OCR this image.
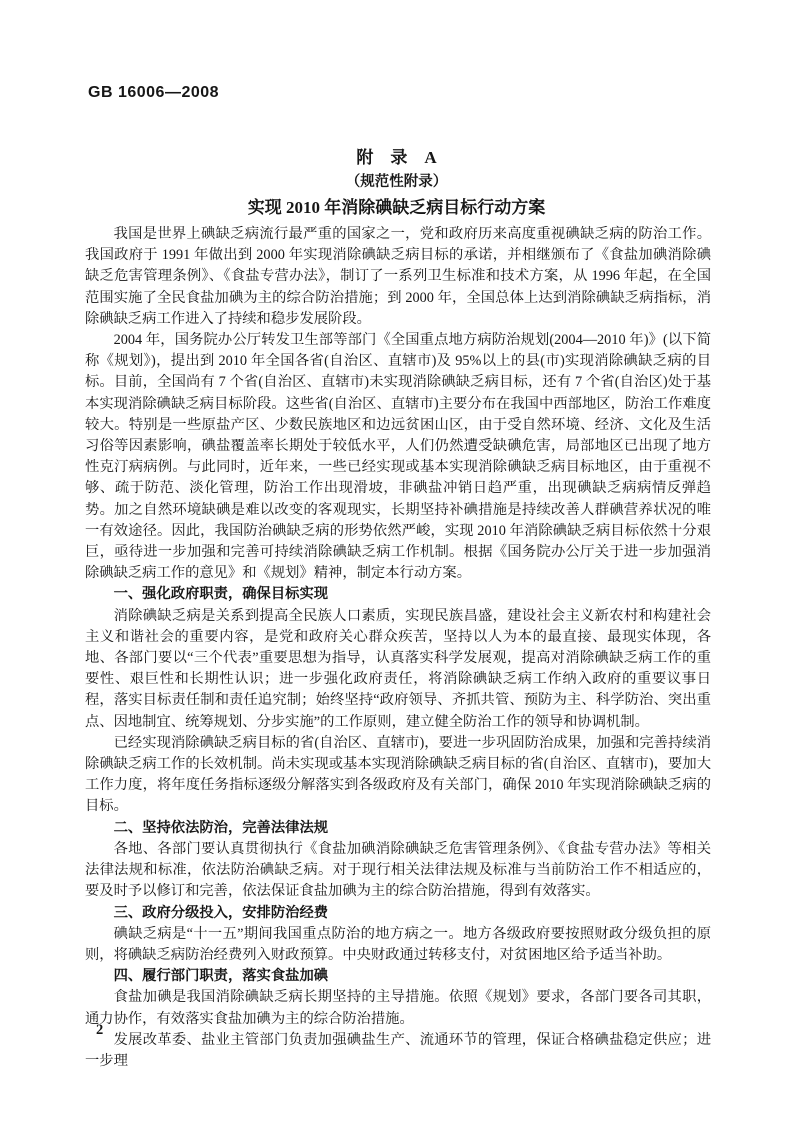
GB 16006—2008
附　录　A
（规范性附录）
实现 2010 年消除碘缺乏病目标行动方案

我国是世界上碘缺乏病流行最严重的国家之一，党和政府历来高度重视碘缺乏病的防治工作。我国政府于 1991 年做出到 2000 年实现消除碘缺乏病目标的承诺，并相继颁布了《食盐加碘消除碘缺乏危害管理条例》、《食盐专营办法》，制订了一系列卫生标准和技术方案，从 1996 年起，在全国范围实施了全民食盐加碘为主的综合防治措施；到 2000 年，全国总体上达到消除碘缺乏病指标，消除碘缺乏病工作进入了持续和稳步发展阶段。

2004 年，国务院办公厅转发卫生部等部门《全国重点地方病防治规划(2004—2010 年)》(以下简称《规划》)，提出到 2010 年全国各省(自治区、直辖市)及 95%以上的县(市)实现消除碘缺乏病的目标。目前，全国尚有 7 个省(自治区、直辖市)未实现消除碘缺乏病目标，还有 7 个省(自治区)处于基本实现消除碘缺乏病目标阶段。这些省(自治区、直辖市)主要分布在我国中西部地区，防治工作难度较大。特别是一些原盐产区、少数民族地区和边远贫困山区，由于受自然环境、经济、文化及生活习俗等因素影响，碘盐覆盖率长期处于较低水平，人们仍然遭受缺碘危害，局部地区已出现了地方性克汀病病例。与此同时，近年来，一些已经实现或基本实现消除碘缺乏病目标地区，由于重视不够、疏于防范、淡化管理，防治工作出现滑坡，非碘盐冲销日趋严重，出现碘缺乏病病情反弹趋势。加之自然环境缺碘是难以改变的客观现实，长期坚持补碘措施是持续改善人群碘营养状况的唯一有效途径。因此，我国防治碘缺乏病的形势依然严峻，实现 2010 年消除碘缺乏病目标依然十分艰巨，亟待进一步加强和完善可持续消除碘缺乏病工作机制。根据《国务院办公厅关于进一步加强消除碘缺乏病工作的意见》和《规划》精神，制定本行动方案。

一、强化政府职责，确保目标实现

消除碘缺乏病是关系到提高全民族人口素质，实现民族昌盛，建设社会主义新农村和构建社会主义和谐社会的重要内容，是党和政府关心群众疾苦，坚持以人为本的最直接、最现实体现，各地、各部门要以“三个代表”重要思想为指导，认真落实科学发展观，提高对消除碘缺乏病工作的重要性、艰巨性和长期性认识；进一步强化政府责任，将消除碘缺乏病工作纳入政府的重要议事日程，落实目标责任制和责任追究制；始终坚持“政府领导、齐抓共管、预防为主、科学防治、突出重点、因地制宜、统筹规划、分步实施”的工作原则，建立健全防治工作的领导和协调机制。

已经实现消除碘缺乏病目标的省(自治区、直辖市)，要进一步巩固防治成果，加强和完善持续消除碘缺乏病工作的长效机制。尚未实现或基本实现消除碘缺乏病目标的省(自治区、直辖市)，要加大工作力度，将年度任务指标逐级分解落实到各级政府及有关部门，确保 2010 年实现消除碘缺乏病的目标。

二、坚持依法防治，完善法律法规

各地、各部门要认真贯彻执行《食盐加碘消除碘缺乏危害管理条例》、《食盐专营办法》等相关法律法规和标准，依法防治碘缺乏病。对于现行相关法律法规及标准与当前防治工作不相适应的，要及时予以修订和完善，依法保证食盐加碘为主的综合防治措施，得到有效落实。

三、政府分级投入，安排防治经费

碘缺乏病是“十一五”期间我国重点防治的地方病之一。地方各级政府要按照财政分级负担的原则，将碘缺乏病防治经费列入财政预算。中央财政通过转移支付，对贫困地区给予适当补助。

四、履行部门职责，落实食盐加碘

食盐加碘是我国消除碘缺乏病长期坚持的主导措施。依照《规划》要求，各部门要各司其职，通力协作，有效落实食盐加碘为主的综合防治措施。

发展改革委、盐业主管部门负责加强碘盐生产、流通环节的管理，保证合格碘盐稳定供应；进一步理

2
